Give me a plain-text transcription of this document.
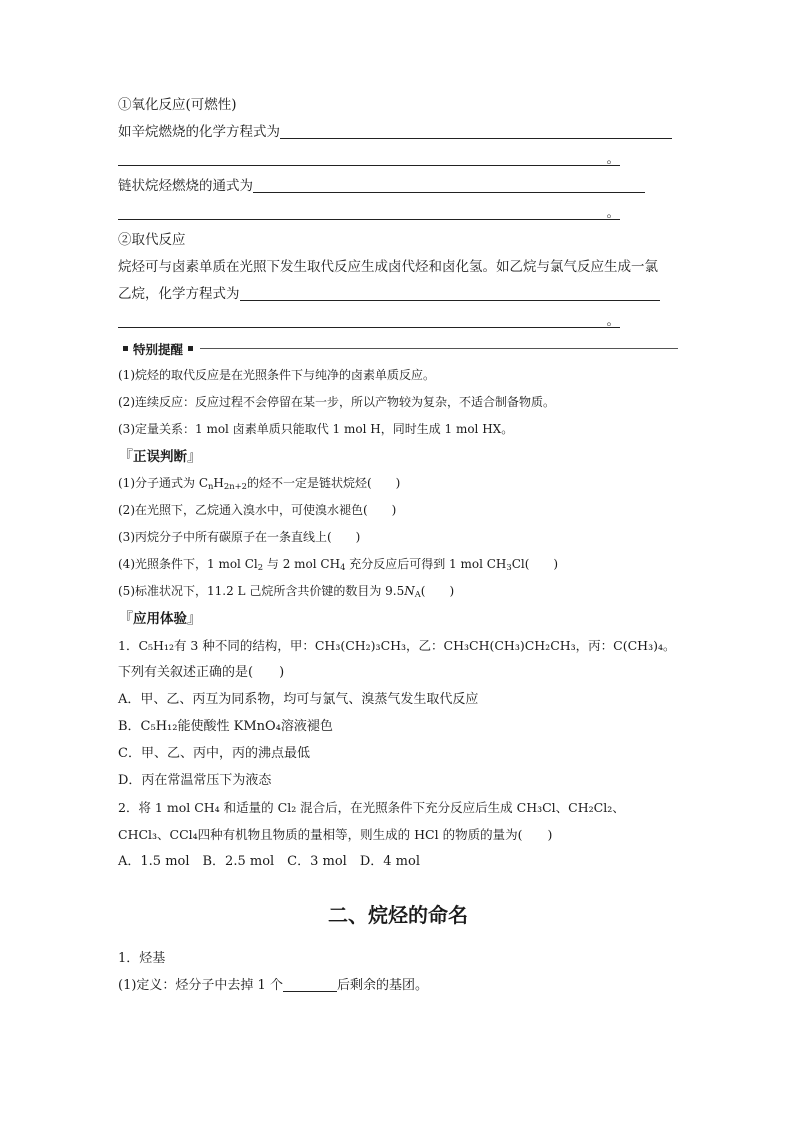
①氧化反应(可燃性)
如辛烷燃烧的化学方程式为
。
链状烷烃燃烧的通式为
。
②取代反应
烷烃可与卤素单质在光照下发生取代反应生成卤代烃和卤化氢。如乙烷与氯气反应生成一氯
乙烷，化学方程式为
。
特别提醒
(1)烷烃的取代反应是在光照条件下与纯净的卤素单质反应。
(2)连续反应：反应过程不会停留在某一步，所以产物较为复杂，不适合制备物质。
(3)定量关系：1 mol 卤素单质只能取代 1 mol H，同时生成 1 mol HX。
『正误判断』
(1)分子通式为 $C_nH_{2n+2}$的烃不一定是链状烷烃(　　)
(2)在光照下，乙烷通入溴水中，可使溴水褪色(　　)
(3)丙烷分子中所有碳原子在一条直线上(　　)
(4)光照条件下，1 mol $Cl_2$ 与 2 mol $CH_4$ 充分反应后可得到 1 mol $CH_3Cl$(　　)
(5)标准状况下，11.2 L 己烷所含共价键的数目为 $9.5N_A$(　　)
『应用体验』
1．C₅H₁₂有 3 种不同的结构，甲：CH₃(CH₂)₃CH₃，乙：CH₃CH(CH₃)CH₂CH₃，丙：C(CH₃)₄。
下列有关叙述正确的是(　　)
A．甲、乙、丙互为同系物，均可与氯气、溴蒸气发生取代反应
B．C₅H₁₂能使酸性 KMnO₄溶液褪色
C．甲、乙、丙中，丙的沸点最低
D．丙在常温常压下为液态
2．将 1 mol CH₄ 和适量的 Cl₂ 混合后，在光照条件下充分反应后生成 CH₃Cl、CH₂Cl₂、
CHCl₃、CCl₄四种有机物且物质的量相等，则生成的 HCl 的物质的量为(　　)
A．1.5 mol　B．2.5 mol　C．3 mol　D．4 mol
二、烷烃的命名
1．烃基
(1)定义：烃分子中去掉 1 个	后剩余的基团。
